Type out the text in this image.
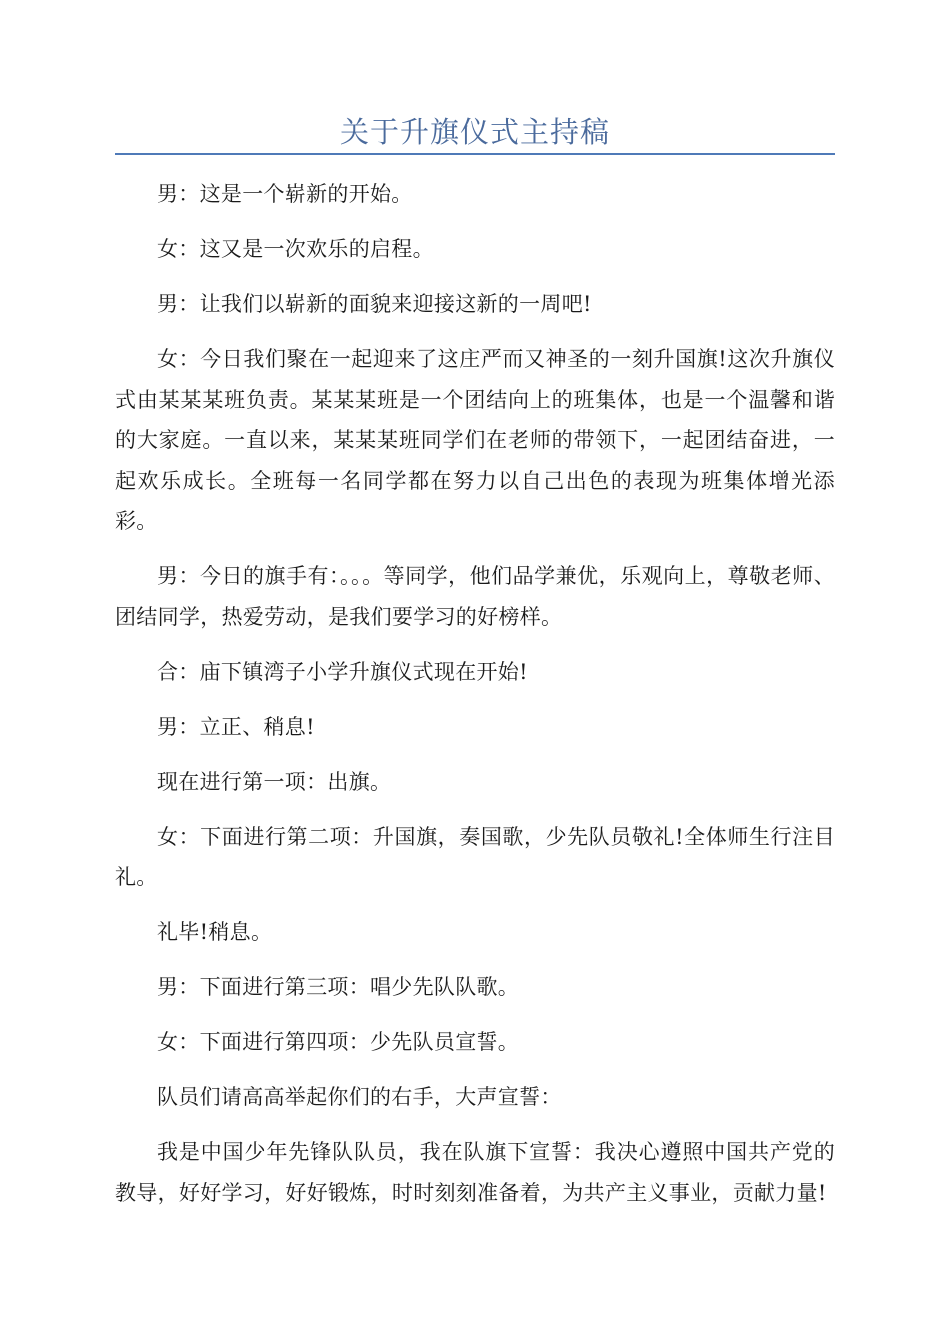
关于升旗仪式主持稿

男：这是一个崭新的开始。

女：这又是一次欢乐的启程。

男：让我们以崭新的面貌来迎接这新的一周吧!

女：今日我们聚在一起迎来了这庄严而又神圣的一刻升国旗!这次升旗仪式由某某某班负责。某某某班是一个团结向上的班集体，也是一个温馨和谐的大家庭。一直以来，某某某班同学们在老师的带领下，一起团结奋进，一起欢乐成长。全班每一名同学都在努力以自己出色的表现为班集体增光添彩。

男：今日的旗手有：。。。等同学，他们品学兼优，乐观向上，尊敬老师、团结同学，热爱劳动，是我们要学习的好榜样。

合：庙下镇湾子小学升旗仪式现在开始!

男：立正、稍息!

现在进行第一项：出旗。

女：下面进行第二项：升国旗，奏国歌，少先队员敬礼!全体师生行注目礼。

礼毕!稍息。

男：下面进行第三项：唱少先队队歌。

女：下面进行第四项：少先队员宣誓。

队员们请高高举起你们的右手，大声宣誓：

我是中国少年先锋队队员，我在队旗下宣誓：我决心遵照中国共产党的教导，好好学习，好好锻炼，时时刻刻准备着，为共产主义事业，贡献力量!
